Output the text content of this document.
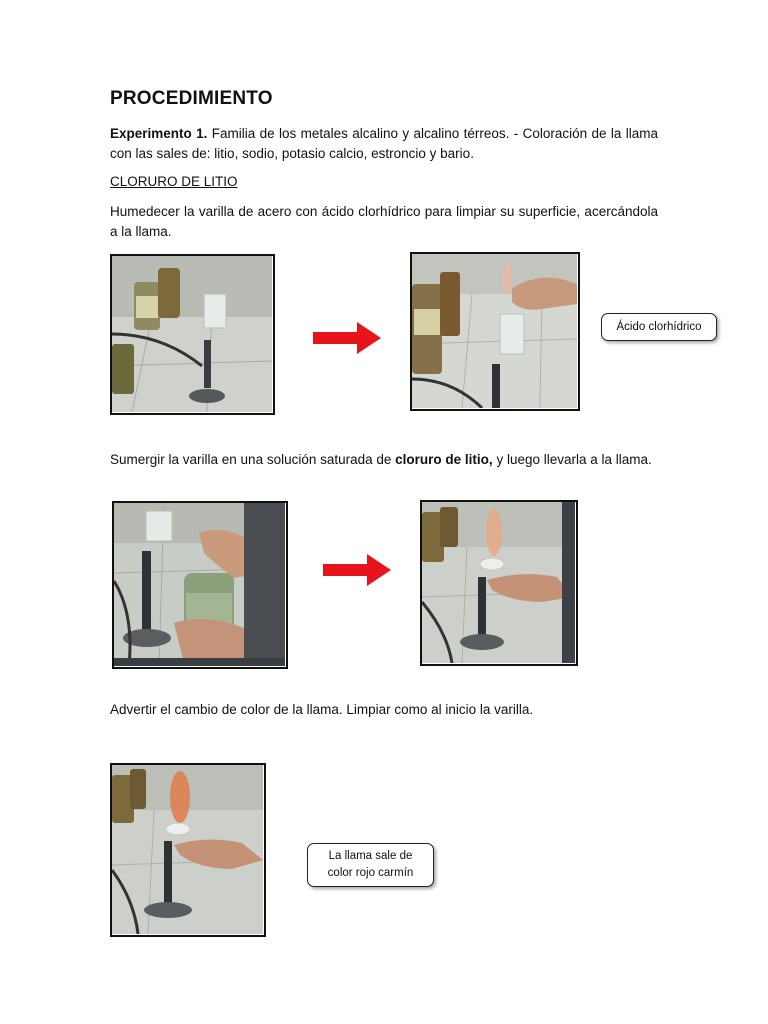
PROCEDIMIENTO
Experimento 1. Familia de los metales alcalino y alcalino térreos. - Coloración de la llama con las sales de: litio, sodio, potasio calcio, estroncio y bario.
CLORURO DE LITIO
Humedecer la varilla de acero con ácido clorhídrico para limpiar su superficie, acercándola a la llama.
Ácido clorhídrico
Sumergir la varilla en una solución saturada de cloruro de litio, y luego llevarla a la llama.
Advertir el cambio de color de la llama. Limpiar como al inicio la varilla.
La llama sale de
color rojo carmín
